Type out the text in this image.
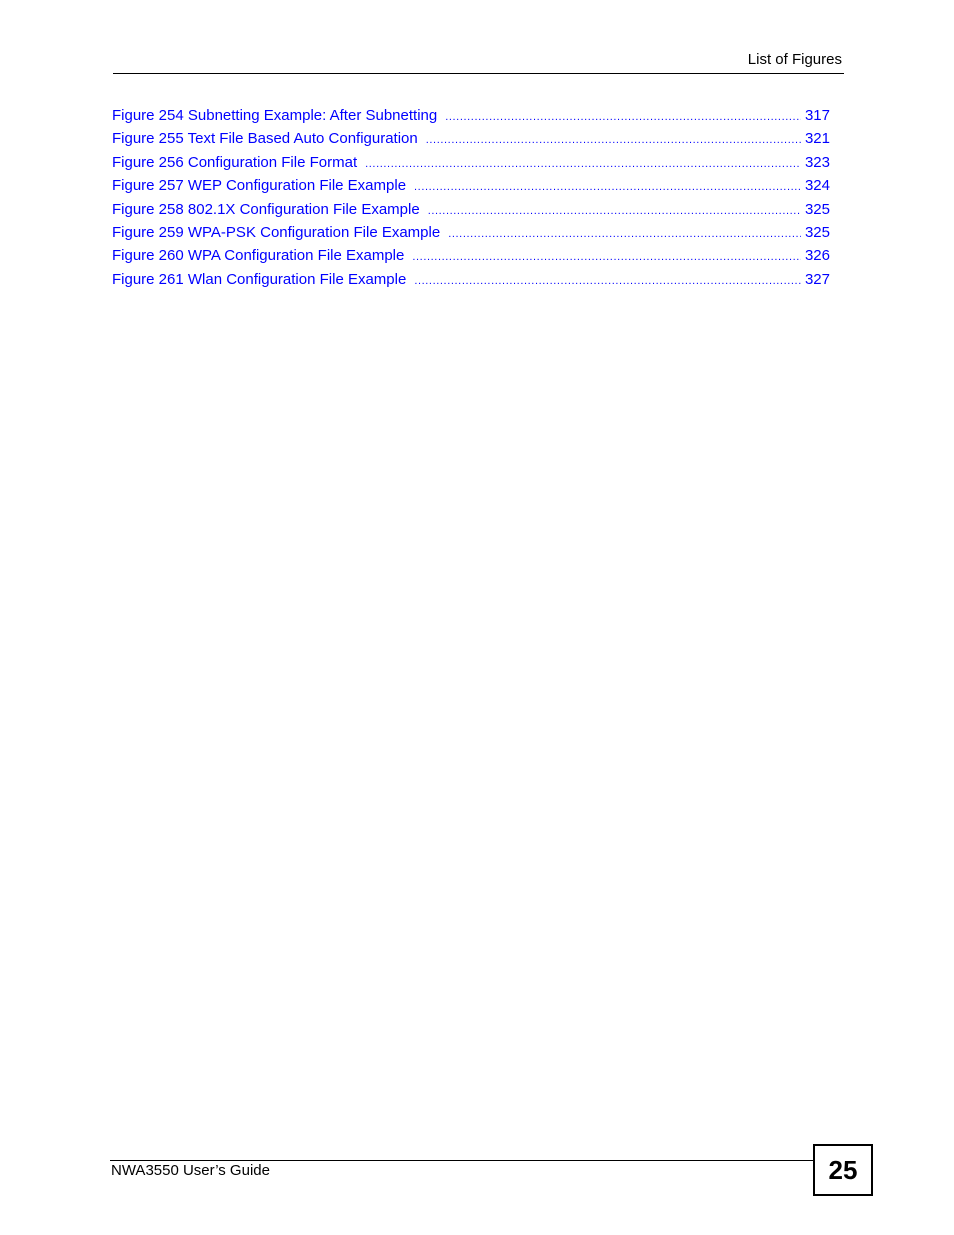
List of Figures
Figure 254 Subnetting Example: After Subnetting .....	317
Figure 255 Text File Based Auto Configuration .....	321
Figure 256 Configuration File Format .....	323
Figure 257 WEP Configuration File Example .....	324
Figure 258 802.1X Configuration File Example .....	325
Figure 259 WPA-PSK Configuration File Example .....	325
Figure 260 WPA Configuration File Example .....	326
Figure 261 Wlan Configuration File Example .....	327
NWA3550 User’s Guide	25
